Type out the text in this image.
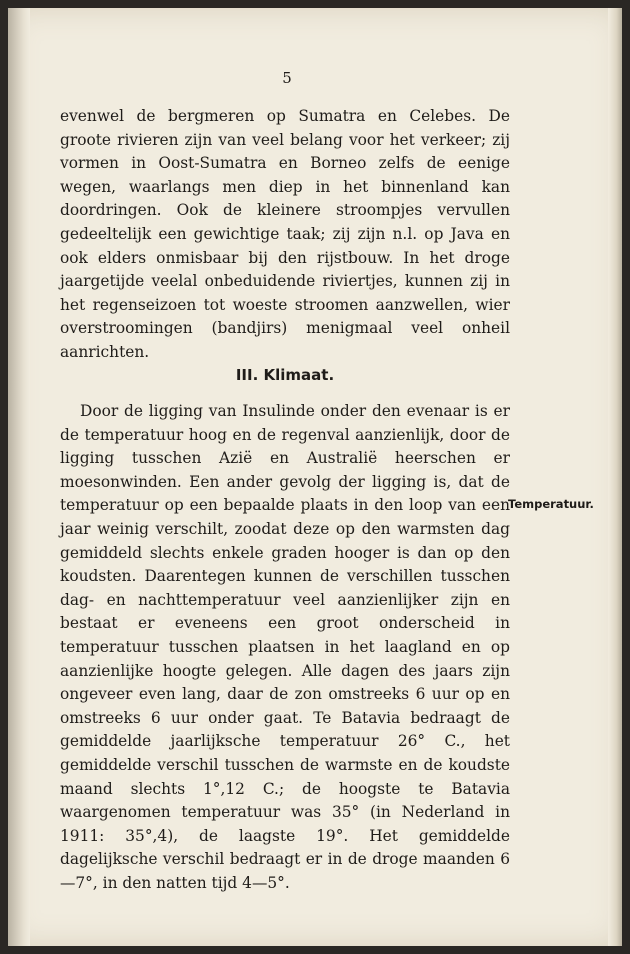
5

evenwel de bergmeren op Sumatra en Celebes. De groote rivieren zijn van veel belang voor het verkeer; zij vormen in Oost-Sumatra en Borneo zelfs de eenige wegen, waarlangs men diep in het binnenland kan doordringen. Ook de kleinere stroompjes vervullen gedeeltelijk een gewichtige taak; zij zijn n.l. op Java en ook elders onmisbaar bij den rijstbouw. In het droge jaargetijde veelal onbeduidende riviertjes, kunnen zij in het regenseizoen tot woeste stroomen aanzwellen, wier overstroomingen (bandjirs) menigmaal veel onheil aanrichten.

III. Klimaat.

Door de ligging van Insulinde onder den evenaar is er de temperatuur hoog en de regenval aanzienlijk, door de ligging tusschen Azië en Australië heerschen er moesonwinden. Een ander gevolg der ligging is, dat de temperatuur op een bepaalde plaats in den loop van een jaar weinig verschilt, zoodat deze op den warmsten dag gemiddeld slechts enkele graden hooger is dan op den koudsten. Daarentegen kunnen de verschillen tusschen dag- en nachttemperatuur veel aanzienlijker zijn en bestaat er eveneens een groot onderscheid in temperatuur tusschen plaatsen in het laagland en op aanzienlijke hoogte gelegen. Alle dagen des jaars zijn ongeveer even lang, daar de zon omstreeks 6 uur op en omstreeks 6 uur onder gaat. Te Batavia bedraagt de gemiddelde jaarlijksche temperatuur 26° C., het gemiddelde verschil tusschen de warmste en de koudste maand slechts 1°,12 C.; de hoogste te Batavia waargenomen temperatuur was 35° (in Nederland in 1911: 35°,4), de laagste 19°. Het gemiddelde dagelijksche verschil bedraagt er in de droge maanden 6—7°, in den natten tijd 4—5°.

Temperatuur.
